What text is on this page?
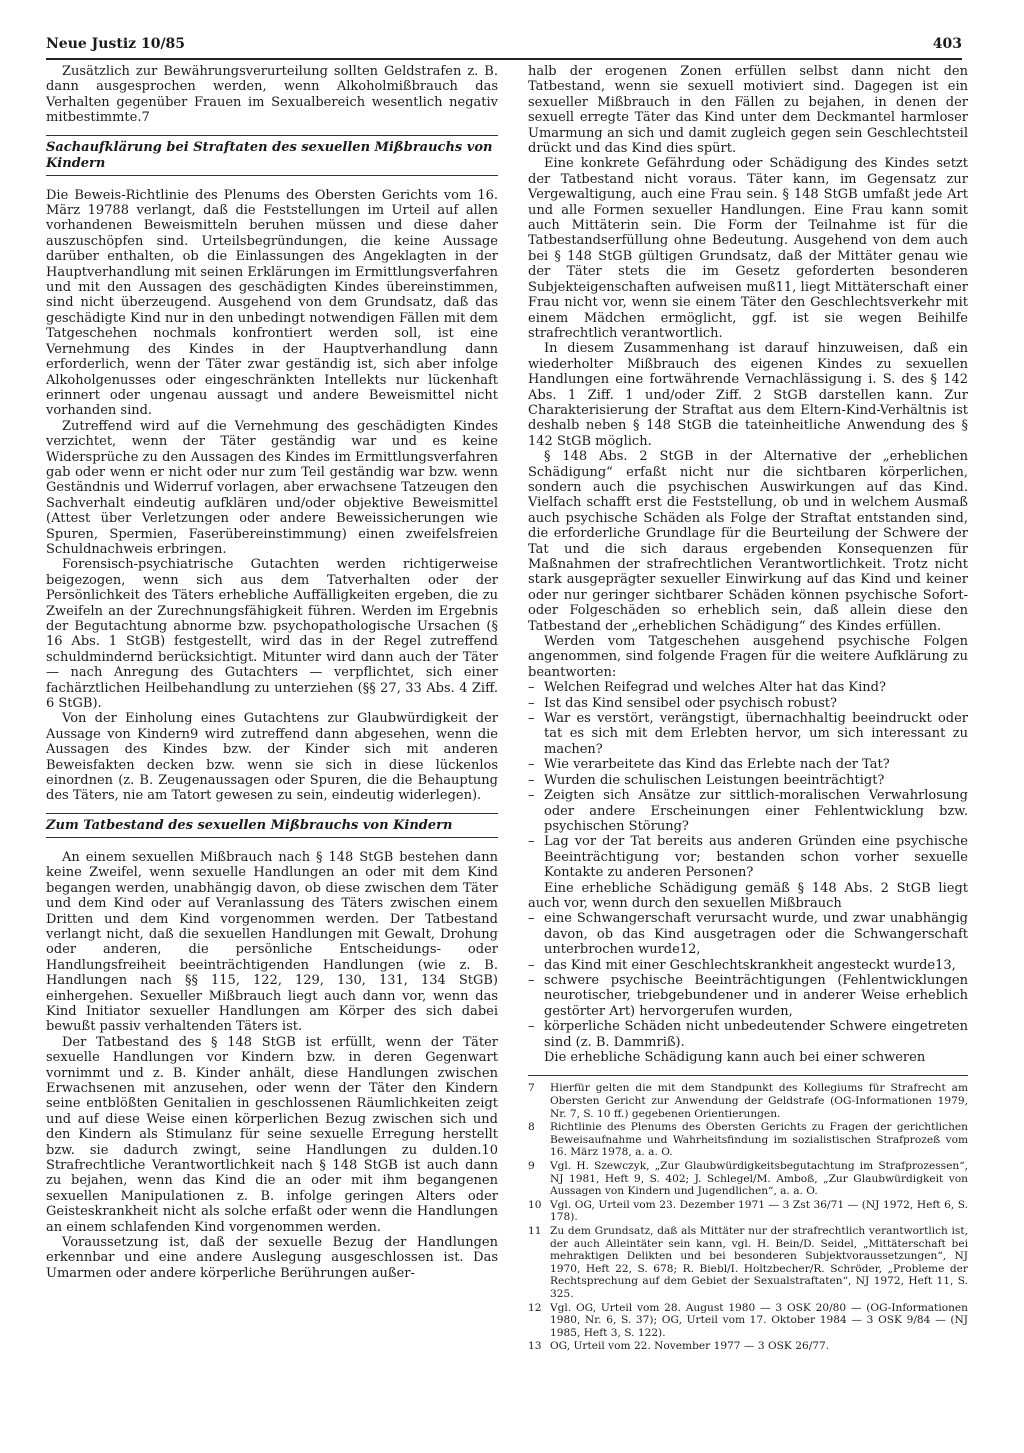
Neue Justiz 10/85	403

Zusätzlich zur Bewährungsverurteilung sollten Geldstrafen z. B. dann ausgesprochen werden, wenn Alkoholmißbrauch das Verhalten gegenüber Frauen im Sexualbereich wesentlich negativ mitbestimmte.7

Sachaufklärung bei Straftaten des sexuellen Mißbrauchs von Kindern

Die Beweis-Richtlinie des Plenums des Obersten Gerichts vom 16. März 19788 verlangt, daß die Feststellungen im Urteil auf allen vorhandenen Beweismitteln beruhen müssen und diese daher auszuschöpfen sind. Urteilsbegründungen, die keine Aussage darüber enthalten, ob die Einlassungen des Angeklagten in der Hauptverhandlung mit seinen Erklärungen im Ermittlungsverfahren und mit den Aussagen des geschädigten Kindes übereinstimmen, sind nicht überzeugend. Ausgehend von dem Grundsatz, daß das geschädigte Kind nur in den unbedingt notwendigen Fällen mit dem Tatgeschehen nochmals konfrontiert werden soll, ist eine Vernehmung des Kindes in der Hauptverhandlung dann erforderlich, wenn der Täter zwar geständig ist, sich aber infolge Alkoholgenusses oder eingeschränkten Intellekts nur lückenhaft erinnert oder ungenau aussagt und andere Beweismittel nicht vorhanden sind.

Zutreffend wird auf die Vernehmung des geschädigten Kindes verzichtet, wenn der Täter geständig war und es keine Widersprüche zu den Aussagen des Kindes im Ermittlungsverfahren gab oder wenn er nicht oder nur zum Teil geständig war bzw. wenn Geständnis und Widerruf vorlagen, aber erwachsene Tatzeugen den Sachverhalt eindeutig aufklären und/oder objektive Beweismittel (Attest über Verletzungen oder andere Beweissicherungen wie Spuren, Spermien, Faserübereinstimmung) einen zweifelsfreien Schuldnachweis erbringen.

Forensisch-psychiatrische Gutachten werden richtigerweise beigezogen, wenn sich aus dem Tatverhalten oder der Persönlichkeit des Täters erhebliche Auffälligkeiten ergeben, die zu Zweifeln an der Zurechnungsfähigkeit führen. Werden im Ergebnis der Begutachtung abnorme bzw. psychopathologische Ursachen (§ 16 Abs. 1 StGB) festgestellt, wird das in der Regel zutreffend schuldmindernd berücksichtigt. Mitunter wird dann auch der Täter — nach Anregung des Gutachters — verpflichtet, sich einer fachärztlichen Heilbehandlung zu unterziehen (§§ 27, 33 Abs. 4 Ziff. 6 StGB).

Von der Einholung eines Gutachtens zur Glaubwürdigkeit der Aussage von Kindern9 wird zutreffend dann abgesehen, wenn die Aussagen des Kindes bzw. der Kinder sich mit anderen Beweisfakten decken bzw. wenn sie sich in diese lückenlos einordnen (z. B. Zeugenaussagen oder Spuren, die die Behauptung des Täters, nie am Tatort gewesen zu sein, eindeutig widerlegen).

Zum Tatbestand des sexuellen Mißbrauchs von Kindern

An einem sexuellen Mißbrauch nach § 148 StGB bestehen dann keine Zweifel, wenn sexuelle Handlungen an oder mit dem Kind begangen werden, unabhängig davon, ob diese zwischen dem Täter und dem Kind oder auf Veranlassung des Täters zwischen einem Dritten und dem Kind vorgenommen werden. Der Tatbestand verlangt nicht, daß die sexuellen Handlungen mit Gewalt, Drohung oder anderen, die persönliche Entscheidungs- oder Handlungsfreiheit beeinträchtigenden Handlungen (wie z. B. Handlungen nach §§ 115, 122, 129, 130, 131, 134 StGB) einhergehen. Sexueller Mißbrauch liegt auch dann vor, wenn das Kind Initiator sexueller Handlungen am Körper des sich dabei bewußt passiv verhaltenden Täters ist.

Der Tatbestand des § 148 StGB ist erfüllt, wenn der Täter sexuelle Handlungen vor Kindern bzw. in deren Gegenwart vornimmt und z. B. Kinder anhält, diese Handlungen zwischen Erwachsenen mit anzusehen, oder wenn der Täter den Kindern seine entblößten Genitalien in geschlossenen Räumlichkeiten zeigt und auf diese Weise einen körperlichen Bezug zwischen sich und den Kindern als Stimulanz für seine sexuelle Erregung herstellt bzw. sie dadurch zwingt, seine Handlungen zu dulden.10 Strafrechtliche Verantwortlichkeit nach § 148 StGB ist auch dann zu bejahen, wenn das Kind die an oder mit ihm begangenen sexuellen Manipulationen z. B. infolge geringen Alters oder Geisteskrankheit nicht als solche erfaßt oder wenn die Handlungen an einem schlafenden Kind vorgenommen werden.

Voraussetzung ist, daß der sexuelle Bezug der Handlungen erkennbar und eine andere Auslegung ausgeschlossen ist. Das Umarmen oder andere körperliche Berührungen außer-

halb der erogenen Zonen erfüllen selbst dann nicht den Tatbestand, wenn sie sexuell motiviert sind. Dagegen ist ein sexueller Mißbrauch in den Fällen zu bejahen, in denen der sexuell erregte Täter das Kind unter dem Deckmantel harmloser Umarmung an sich und damit zugleich gegen sein Geschlechtsteil drückt und das Kind dies spürt.

Eine konkrete Gefährdung oder Schädigung des Kindes setzt der Tatbestand nicht voraus. Täter kann, im Gegensatz zur Vergewaltigung, auch eine Frau sein. § 148 StGB umfaßt jede Art und alle Formen sexueller Handlungen. Eine Frau kann somit auch Mittäterin sein. Die Form der Teilnahme ist für die Tatbestandserfüllung ohne Bedeutung. Ausgehend von dem auch bei § 148 StGB gültigen Grundsatz, daß der Mittäter genau wie der Täter stets die im Gesetz geforderten besonderen Subjekteigenschaften aufweisen muß11, liegt Mittäterschaft einer Frau nicht vor, wenn sie einem Täter den Geschlechtsverkehr mit einem Mädchen ermöglicht, ggf. ist sie wegen Beihilfe strafrechtlich verantwortlich.

In diesem Zusammenhang ist darauf hinzuweisen, daß ein wiederholter Mißbrauch des eigenen Kindes zu sexuellen Handlungen eine fortwährende Vernachlässigung i. S. des § 142 Abs. 1 Ziff. 1 und/oder Ziff. 2 StGB darstellen kann. Zur Charakterisierung der Straftat aus dem Eltern-Kind-Verhältnis ist deshalb neben § 148 StGB die tateinheitliche Anwendung des § 142 StGB möglich.

§ 148 Abs. 2 StGB in der Alternative der „erheblichen Schädigung“ erfaßt nicht nur die sichtbaren körperlichen, sondern auch die psychischen Auswirkungen auf das Kind. Vielfach schafft erst die Feststellung, ob und in welchem Ausmaß auch psychische Schäden als Folge der Straftat entstanden sind, die erforderliche Grundlage für die Beurteilung der Schwere der Tat und die sich daraus ergebenden Konsequenzen für Maßnahmen der strafrechtlichen Verantwortlichkeit. Trotz nicht stark ausgeprägter sexueller Einwirkung auf das Kind und keiner oder nur geringer sichtbarer Schäden können psychische Sofort- oder Folgeschäden so erheblich sein, daß allein diese den Tatbestand der „erheblichen Schädigung“ des Kindes erfüllen.

Werden vom Tatgeschehen ausgehend psychische Folgen angenommen, sind folgende Fragen für die weitere Aufklärung zu beantworten:

– Welchen Reifegrad und welches Alter hat das Kind?

– Ist das Kind sensibel oder psychisch robust?

– War es verstört, verängstigt, übernachhaltig beeindruckt oder tat es sich mit dem Erlebten hervor, um sich interessant zu machen?

– Wie verarbeitete das Kind das Erlebte nach der Tat?

– Wurden die schulischen Leistungen beeinträchtigt?

– Zeigten sich Ansätze zur sittlich-moralischen Verwahrlosung oder andere Erscheinungen einer Fehlentwicklung bzw. psychischen Störung?

– Lag vor der Tat bereits aus anderen Gründen eine psychische Beeinträchtigung vor; bestanden schon vorher sexuelle Kontakte zu anderen Personen?

Eine erhebliche Schädigung gemäß § 148 Abs. 2 StGB liegt auch vor, wenn durch den sexuellen Mißbrauch

– eine Schwangerschaft verursacht wurde, und zwar unabhängig davon, ob das Kind ausgetragen oder die Schwangerschaft unterbrochen wurde12,

– das Kind mit einer Geschlechtskrankheit angesteckt wurde13,

– schwere psychische Beeinträchtigungen (Fehlentwicklungen neurotischer, triebgebundener und in anderer Weise erheblich gestörter Art) hervorgerufen wurden,

– körperliche Schäden nicht unbedeutender Schwere eingetreten sind (z. B. Dammriß).

Die erhebliche Schädigung kann auch bei einer schweren

7	Hierfür gelten die mit dem Standpunkt des Kollegiums für Strafrecht am Obersten Gericht zur Anwendung der Geldstrafe (OG-Informationen 1979, Nr. 7, S. 10 ff.) gegebenen Orientierungen.
8	Richtlinie des Plenums des Obersten Gerichts zu Fragen der gerichtlichen Beweisaufnahme und Wahrheitsfindung im sozialistischen Strafprozeß vom 16. März 1978, a. a. O.
9	Vgl. H. Szewczyk, „Zur Glaubwürdigkeitsbegutachtung im Strafprozessen“, NJ 1981, Heft 9, S. 402; J. Schlegel/M. Amboß, „Zur Glaubwürdigkeit von Aussagen von Kindern und Jugendlichen“, a. a. O.
10 Vgl. OG, Urteil vom 23. Dezember 1971 — 3 Zst 36/71 — (NJ 1972, Heft 6, S. 178).
11 Zu dem Grundsatz, daß als Mittäter nur der strafrechtlich verantwortlich ist, der auch Alleintäter sein kann, vgl. H. Bein/D. Seidel, „Mittäterschaft bei mehraktigen Delikten und bei besonderen Subjektvoraussetzungen“, NJ 1970, Heft 22, S. 678; R. Biebl/I. Holtzbecher/R. Schröder, „Probleme der Rechtsprechung auf dem Gebiet der Sexualstraftaten“, NJ 1972, Heft 11, S. 325.
12 Vgl. OG, Urteil vom 28. August 1980 — 3 OSK 20/80 — (OG-Informationen 1980, Nr. 6, S. 37); OG, Urteil vom 17. Oktober 1984 — 3 OSK 9/84 — (NJ 1985, Heft 3, S. 122).
13 OG, Urteil vom 22. November 1977 — 3 OSK 26/77.
